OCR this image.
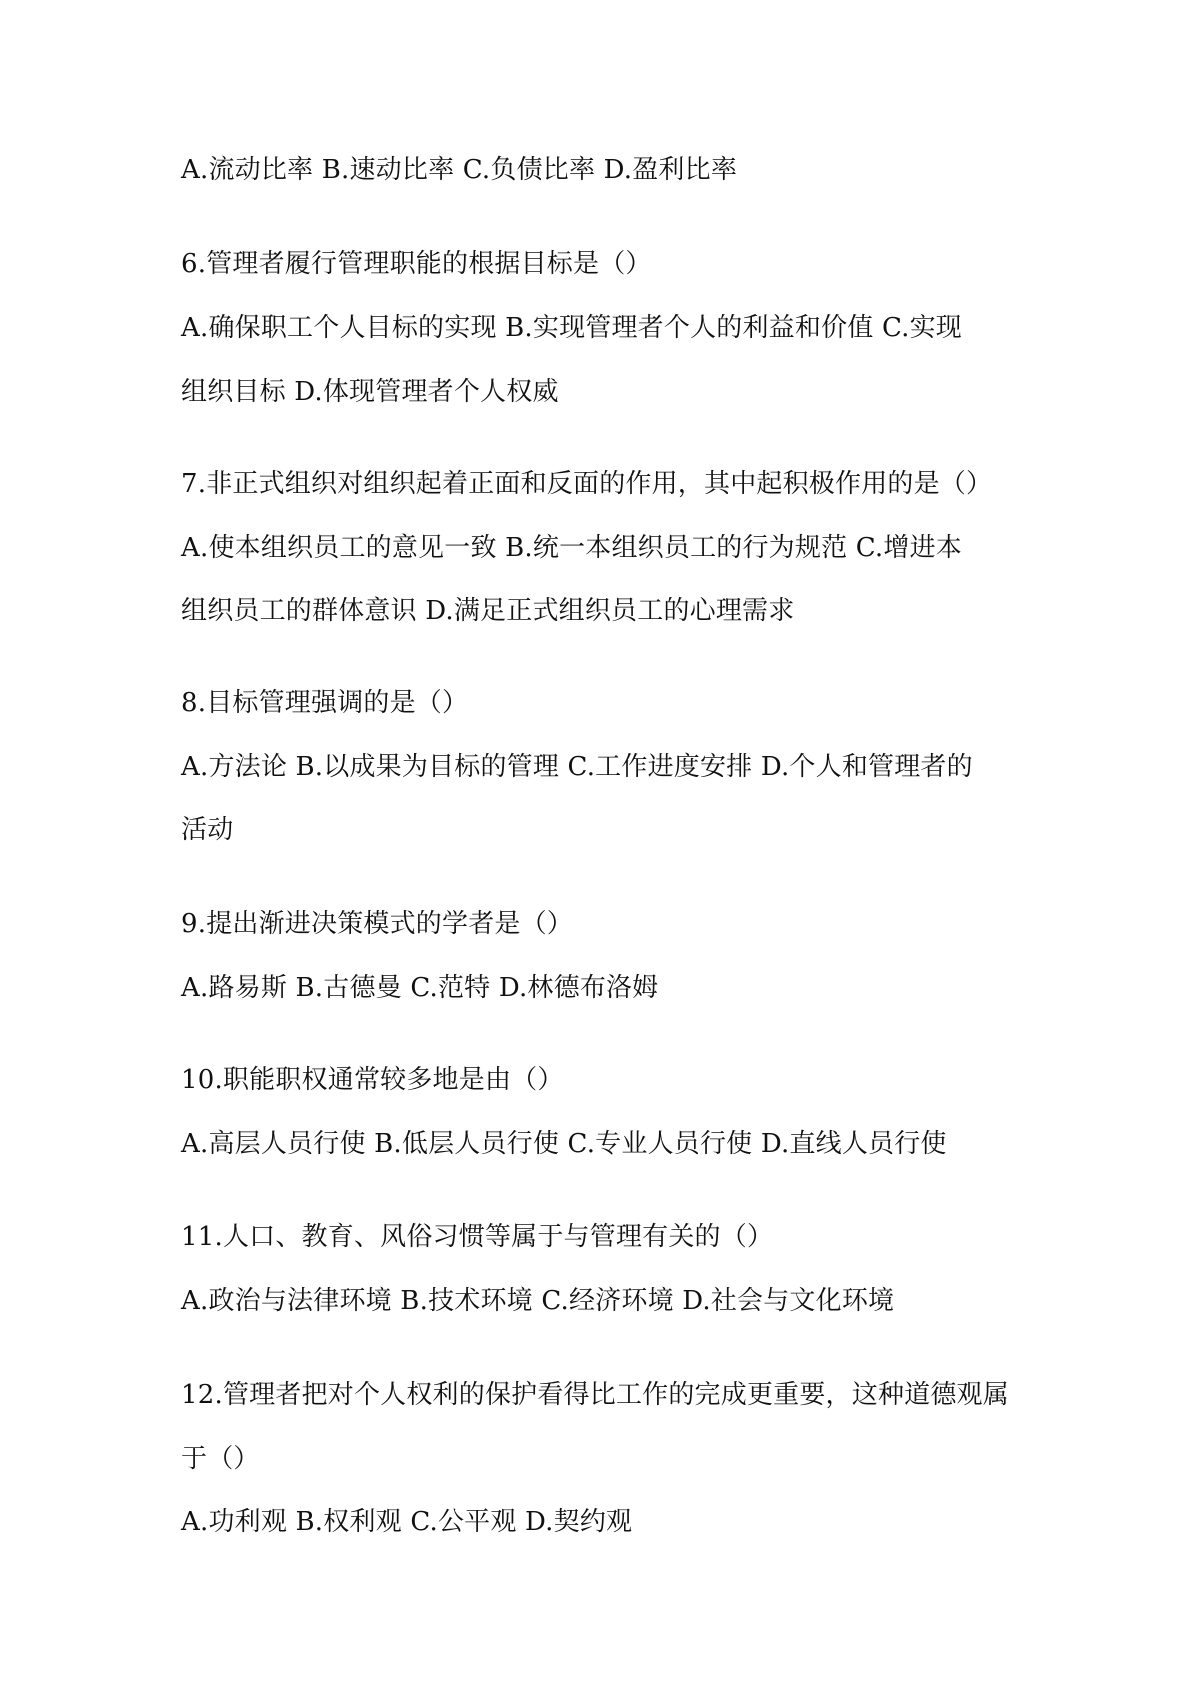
A.流动比率 B.速动比率 C.负债比率 D.盈利比率
6.管理者履行管理职能的根据目标是（）
A.确保职工个人目标的实现 B.实现管理者个人的利益和价值 C.实现
组织目标 D.体现管理者个人权威
7.非正式组织对组织起着正面和反面的作用，其中起积极作用的是（）
A.使本组织员工的意见一致 B.统一本组织员工的行为规范 C.增进本
组织员工的群体意识 D.满足正式组织员工的心理需求
8.目标管理强调的是（）
A.方法论 B.以成果为目标的管理 C.工作进度安排 D.个人和管理者的
活动
9.提出渐进决策模式的学者是（）
A.路易斯 B.古德曼 C.范特 D.林德布洛姆
10.职能职权通常较多地是由（）
A.高层人员行使 B.低层人员行使 C.专业人员行使 D.直线人员行使
11.人口、教育、风俗习惯等属于与管理有关的（）
A.政治与法律环境 B.技术环境 C.经济环境 D.社会与文化环境
12.管理者把对个人权利的保护看得比工作的完成更重要，这种道德观属
于（）
A.功利观 B.权利观 C.公平观 D.契约观
